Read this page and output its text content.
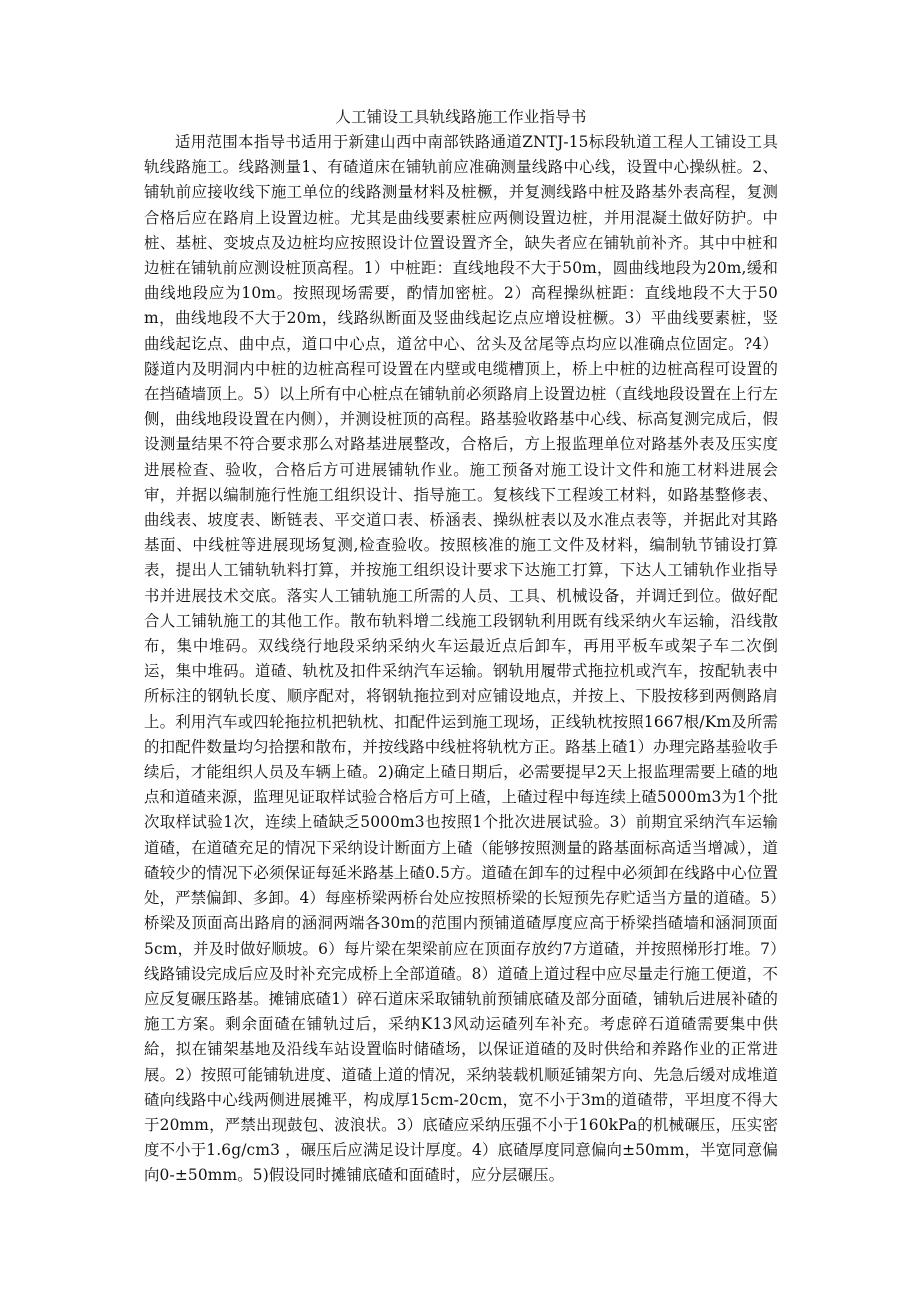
人工铺设工具轨线路施工作业指导书

适用范围本指导书适用于新建山西中南部铁路通道ZNTJ-15标段轨道工程人工铺设工具轨线路施工。线路测量1、有碴道床在铺轨前应准确测量线路中心线，设置中心操纵桩。2、铺轨前应接收线下施工单位的线路测量材料及桩橛，并复测线路中桩及路基外表高程，复测合格后应在路肩上设置边桩。尤其是曲线要素桩应两侧设置边桩，并用混凝土做好防护。中桩、基桩、变坡点及边桩均应按照设计位置设置齐全，缺失者应在铺轨前补齐。其中中桩和边桩在铺轨前应测设桩顶高程。1）中桩距：直线地段不大于50m，圆曲线地段为20m,缓和曲线地段应为10m。按照现场需要，酌情加密桩。2）高程操纵桩距：直线地段不大于50m，曲线地段不大于20m，线路纵断面及竖曲线起讫点应增设桩橛。3）平曲线要素桩，竖曲线起讫点、曲中点，道口中心点，道岔中心、岔头及岔尾等点均应以准确点位固定。?4）隧道内及明洞内中桩的边桩高程可设置在内壁或电缆槽顶上，桥上中桩的边桩高程可设置的在挡碴墙顶上。5）以上所有中心桩点在铺轨前必须路肩上设置边桩（直线地段设置在上行左侧，曲线地段设置在内侧），并测设桩顶的高程。路基验收路基中心线、标高复测完成后，假设测量结果不符合要求那么对路基进展整改，合格后，方上报监理单位对路基外表及压实度进展检查、验收，合格后方可进展铺轨作业。施工预备对施工设计文件和施工材料进展会审，并据以编制施行性施工组织设计、指导施工。复核线下工程竣工材料，如路基整修表、曲线表、坡度表、断链表、平交道口表、桥涵表、操纵桩表以及水准点表等，并据此对其路基面、中线桩等进展现场复测,检查验收。按照核准的施工文件及材料，编制轨节铺设打算表，提出人工铺轨轨料打算，并按施工组织设计要求下达施工打算，下达人工铺轨作业指导书并进展技术交底。落实人工铺轨施工所需的人员、工具、机械设备，并调迁到位。做好配合人工铺轨施工的其他工作。散布轨料增二线施工段钢轨利用既有线采纳火车运输，沿线散布，集中堆码。双线绕行地段采纳采纳火车运最近点后卸车，再用平板车或架子车二次倒运，集中堆码。道碴、轨枕及扣件采纳汽车运输。钢轨用履带式拖拉机或汽车，按配轨表中所标注的钢轨长度、顺序配对，将钢轨拖拉到对应铺设地点，并按上、下股按移到两侧路肩上。利用汽车或四轮拖拉机把轨枕、扣配件运到施工现场，正线轨枕按照1667根/Km及所需的扣配件数量均匀拾摆和散布，并按线路中线桩将轨枕方正。路基上碴1）办理完路基验收手续后，才能组织人员及车辆上碴。2)确定上碴日期后，必需要提早2天上报监理需要上碴的地点和道碴来源，监理见证取样试验合格后方可上碴，上碴过程中每连续上碴5000m3为1个批次取样试验1次，连续上碴缺乏5000m3也按照1个批次进展试验。3）前期宜采纳汽车运输道碴，在道碴充足的情况下采纳设计断面方上碴（能够按照测量的路基面标高适当增减），道碴较少的情况下必须保证每延米路基上碴0.5方。道碴在卸车的过程中必须卸在线路中心位置处，严禁偏卸、多卸。4）每座桥梁两桥台处应按照桥梁的长短预先存贮适当方量的道碴。5）桥梁及顶面高出路肩的涵洞两端各30m的范围内预铺道碴厚度应高于桥梁挡碴墙和涵洞顶面5cm，并及时做好顺坡。6）每片梁在架梁前应在顶面存放约7方道碴，并按照梯形打堆。7）线路铺设完成后应及时补充完成桥上全部道碴。8）道碴上道过程中应尽量走行施工便道，不应反复碾压路基。摊铺底碴1）碎石道床采取铺轨前预铺底碴及部分面碴，铺轨后进展补碴的施工方案。剩余面碴在铺轨过后，采纳K13风动运碴列车补充。考虑碎石道碴需要集中供給，拟在铺架基地及沿线车站设置临时储碴场，以保证道碴的及时供给和养路作业的正常进展。2）按照可能铺轨进度、道碴上道的情况，采纳装载机顺延铺架方向、先急后缓对成堆道碴向线路中心线两侧进展摊平，构成厚15cm-20cm，宽不小于3m的道碴带，平坦度不得大于20mm，严禁出现鼓包、波浪状。3）底碴应采纳压强不小于160kPa的机械碾压，压实密度不小于1.6g/cm3 ，碾压后应满足设计厚度。4）底碴厚度同意偏向±50mm，半宽同意偏向0-±50mm。5)假设同时摊铺底碴和面碴时，应分层碾压。
